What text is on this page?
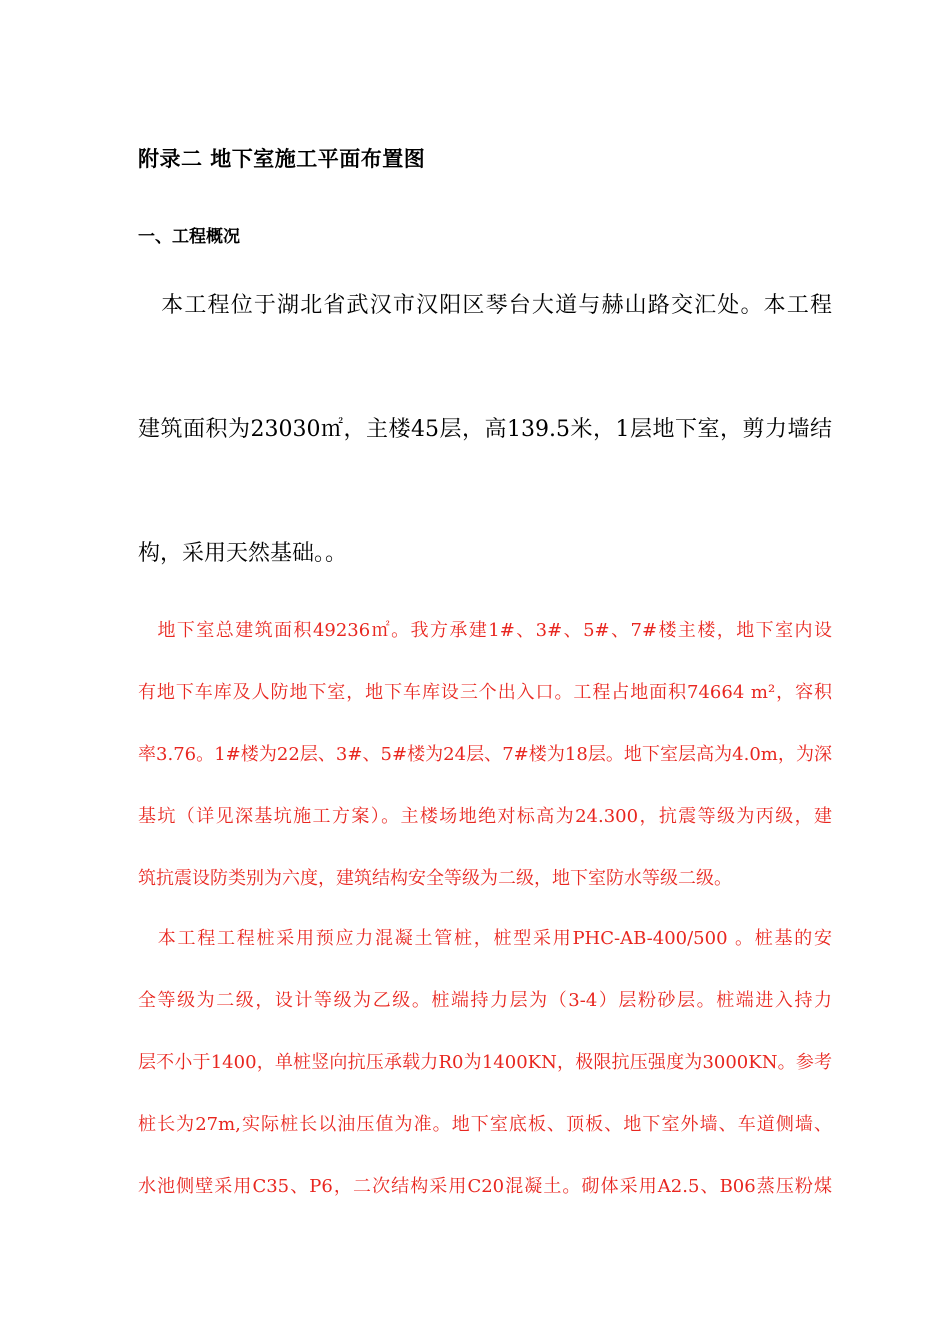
附录二 地下室施工平面布置图
一、工程概况
　本工程位于湖北省武汉市汉阳区琴台大道与赫山路交汇处。本工程
建筑面积为23030㎡，主楼45层，高139.5米，1层地下室，剪力墙结
构，采用天然基础。。
　地下室总建筑面积49236㎡。我方承建1#、3#、5#、7#楼主楼，地下室内设
有地下车库及人防地下室，地下车库设三个出入口。工程占地面积74664 m²，容积
率3.76。1#楼为22层、3#、5#楼为24层、7#楼为18层。地下室层高为4.0m，为深
基坑（详见深基坑施工方案）。主楼场地绝对标高为24.300，抗震等级为丙级，建
筑抗震设防类别为六度，建筑结构安全等级为二级，地下室防水等级二级。
　本工程工程桩采用预应力混凝土管桩，桩型采用PHC-AB-400/500 。桩基的安
全等级为二级，设计等级为乙级。桩端持力层为（3-4）层粉砂层。桩端进入持力
层不小于1400，单桩竖向抗压承载力R0为1400KN，极限抗压强度为3000KN。参考
桩长为27m,实际桩长以油压值为准。地下室底板、顶板、地下室外墙、车道侧墙、
水池侧壁采用C35、P6，二次结构采用C20混凝土。砌体采用A2.5、B06蒸压粉煤
